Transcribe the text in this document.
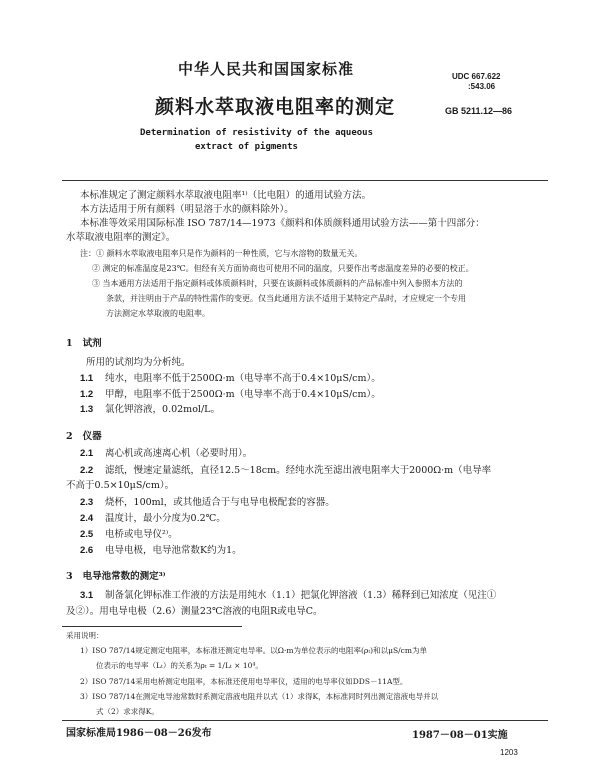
中华人民共和国国家标准	UDC 667.622
:543.06
颜料水萃取液电阻率的测定	GB 5211.12—86
Determination of resistivity of the aqueous
extract of pigments
本标准规定了测定颜料水萃取液电阻率¹⁾（比电阻）的通用试验方法。
本方法适用于所有颜料（明显溶于水的颜料除外）。
本标准等效采用国际标准 ISO 787/14—1973《颜料和体质颜料通用试验方法——第十四部分：
水萃取液电阻率的测定》。
注：① 颜料水萃取液电阻率只是作为颜料的一种性质，它与水溶物的数量无关。
② 测定的标准温度是23℃。但经有关方面协商也可使用不同的温度，只要作出考虑温度差异的必要的校正。
③ 当本通用方法适用于指定颜料或体质颜料时，只要在该颜料或体质颜料的产品标准中列入参照本方法的
条款，并注明由于产品的特性需作的变更。仅当此通用方法不适用于某特定产品时，才应规定一个专用
方法测定水萃取液的电阻率。
1 试剂
所用的试剂均为分析纯。
1.1 纯水，电阻率不低于2500Ω·m（电导率不高于0.4×10μS/cm）。
1.2 甲醇，电阻率不低于2500Ω·m（电导率不高于0.4×10μS/cm）。
1.3 氯化钾溶液，0.02mol/L。
2 仪器
2.1 离心机或高速离心机（必要时用）。
2.2 滤纸，慢速定量滤纸，直径12.5～18cm。经纯水洗至滤出液电阻率大于2000Ω·m（电导率
不高于0.5×10μS/cm）。
2.3 烧杯，100ml，或其他适合于与电导电极配套的容器。
2.4 温度计，最小分度为0.2℃。
2.5 电桥或电导仪²⁾。
2.6 电导电极，电导池常数K约为1。
3 电导池常数的测定³⁾
3.1 制备氯化钾标准工作液的方法是用纯水（1.1）把氯化钾溶液（1.3）稀释到已知浓度（见注①
及②）。用电导电极（2.6）测量23℃溶液的电阻R或电导C。
采用说明：
1）ISO 787/14规定测定电阻率，本标准还测定电导率。以Ω·m为单位表示的电阻率(ρₜ)和以μS/cm为单
位表示的电导率（Lₜ）的关系为ρₜ = 1/Lₜ × 10⁴。
2）ISO 787/14采用电桥测定电阻率，本标准还使用电导率仪，适用的电导率仪如DDS－11A型。
3）ISO 787/14在测定电导池常数时系测定溶液电阻并以式（1）求得K，本标准同时列出测定溶液电导并以
式（2）求求得K。
国家标准局1986－08－26发布	1987－08－01实施
1203
